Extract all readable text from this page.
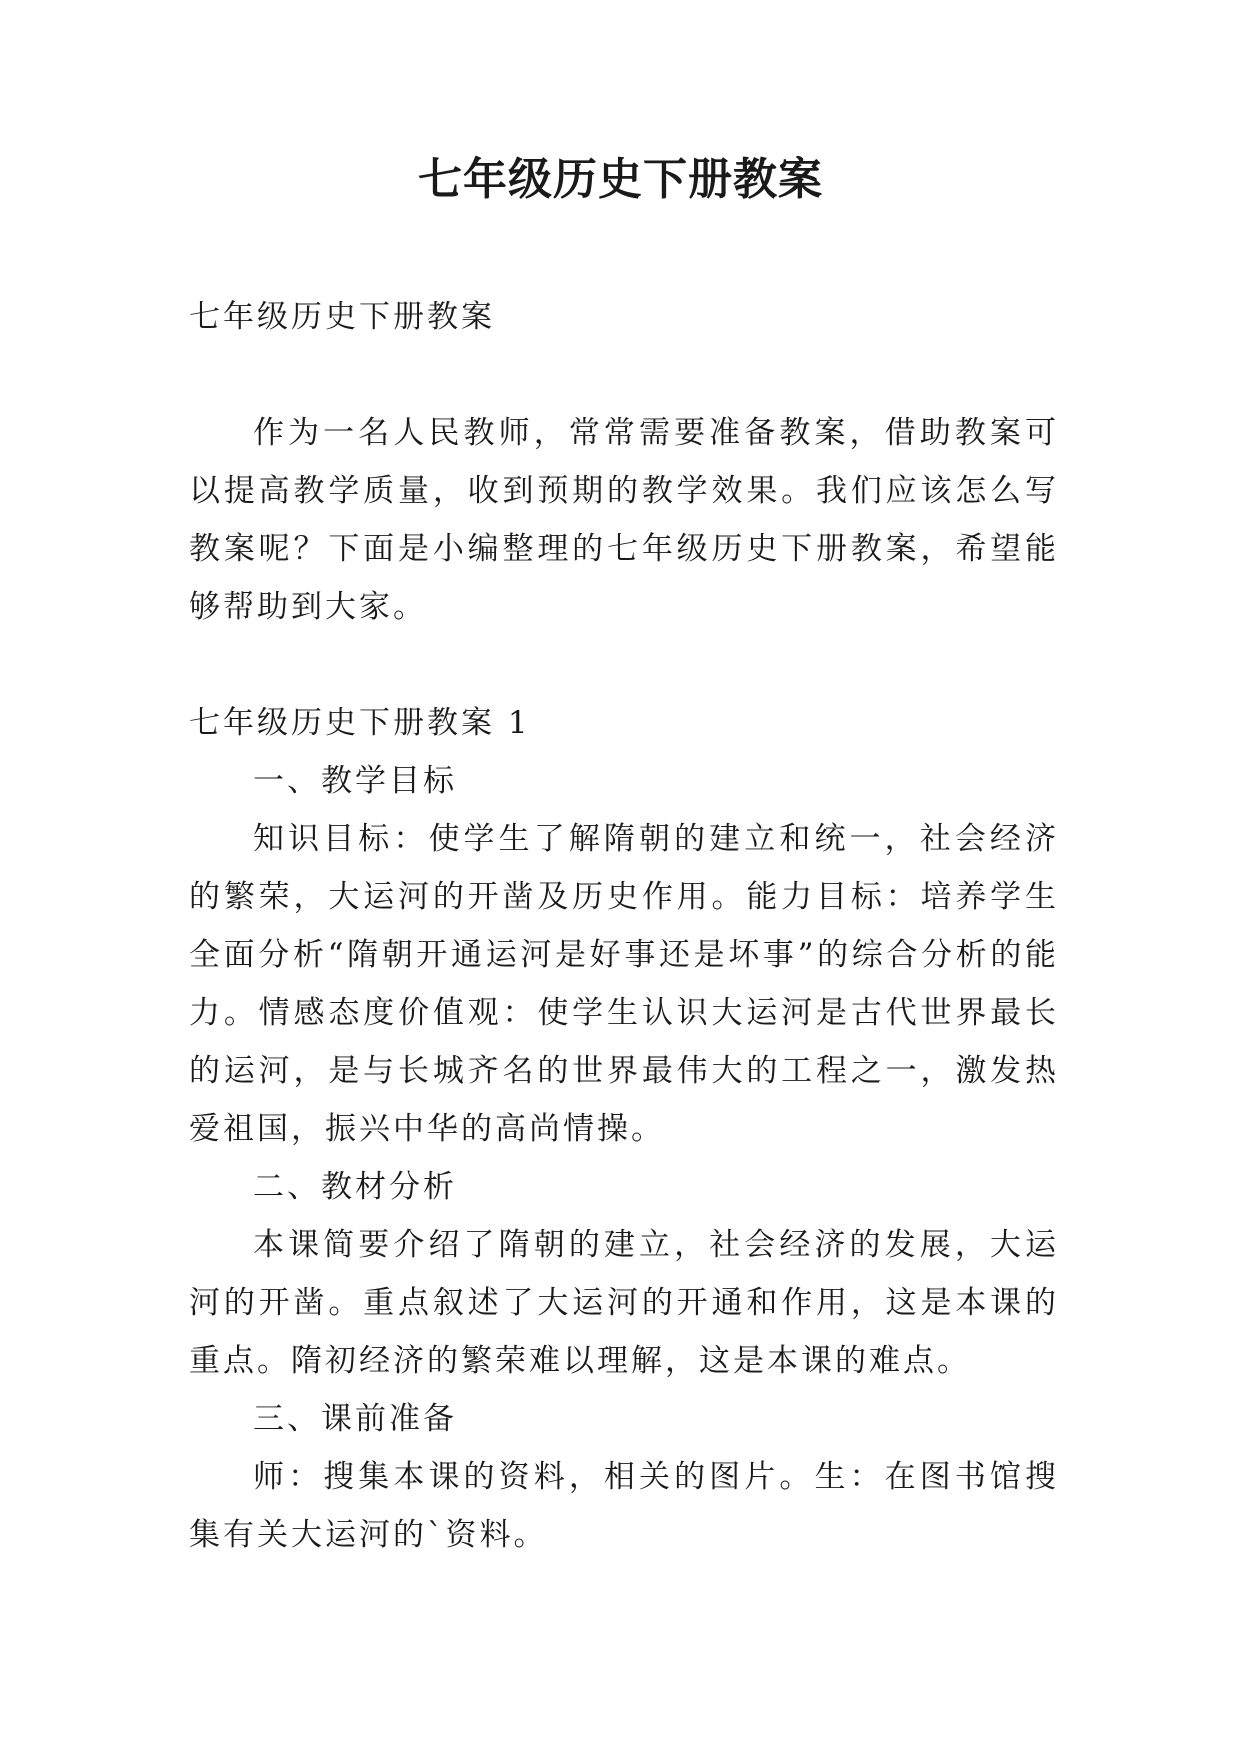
七年级历史下册教案

七年级历史下册教案

作为一名人民教师，常常需要准备教案，借助教案可以提高教学质量，收到预期的教学效果。我们应该怎么写教案呢？下面是小编整理的七年级历史下册教案，希望能够帮助到大家。

七年级历史下册教案 1

一、教学目标

知识目标：使学生了解隋朝的建立和统一，社会经济的繁荣，大运河的开凿及历史作用。能力目标：培养学生全面分析“隋朝开通运河是好事还是坏事”的综合分析的能力。情感态度价值观：使学生认识大运河是古代世界最长的运河，是与长城齐名的世界最伟大的工程之一，激发热爱祖国，振兴中华的高尚情操。

二、教材分析

本课简要介绍了隋朝的建立，社会经济的发展，大运河的开凿。重点叙述了大运河的开通和作用，这是本课的重点。隋初经济的繁荣难以理解，这是本课的难点。

三、课前准备

师：搜集本课的资料，相关的图片。生：在图书馆搜集有关大运河的`资料。
